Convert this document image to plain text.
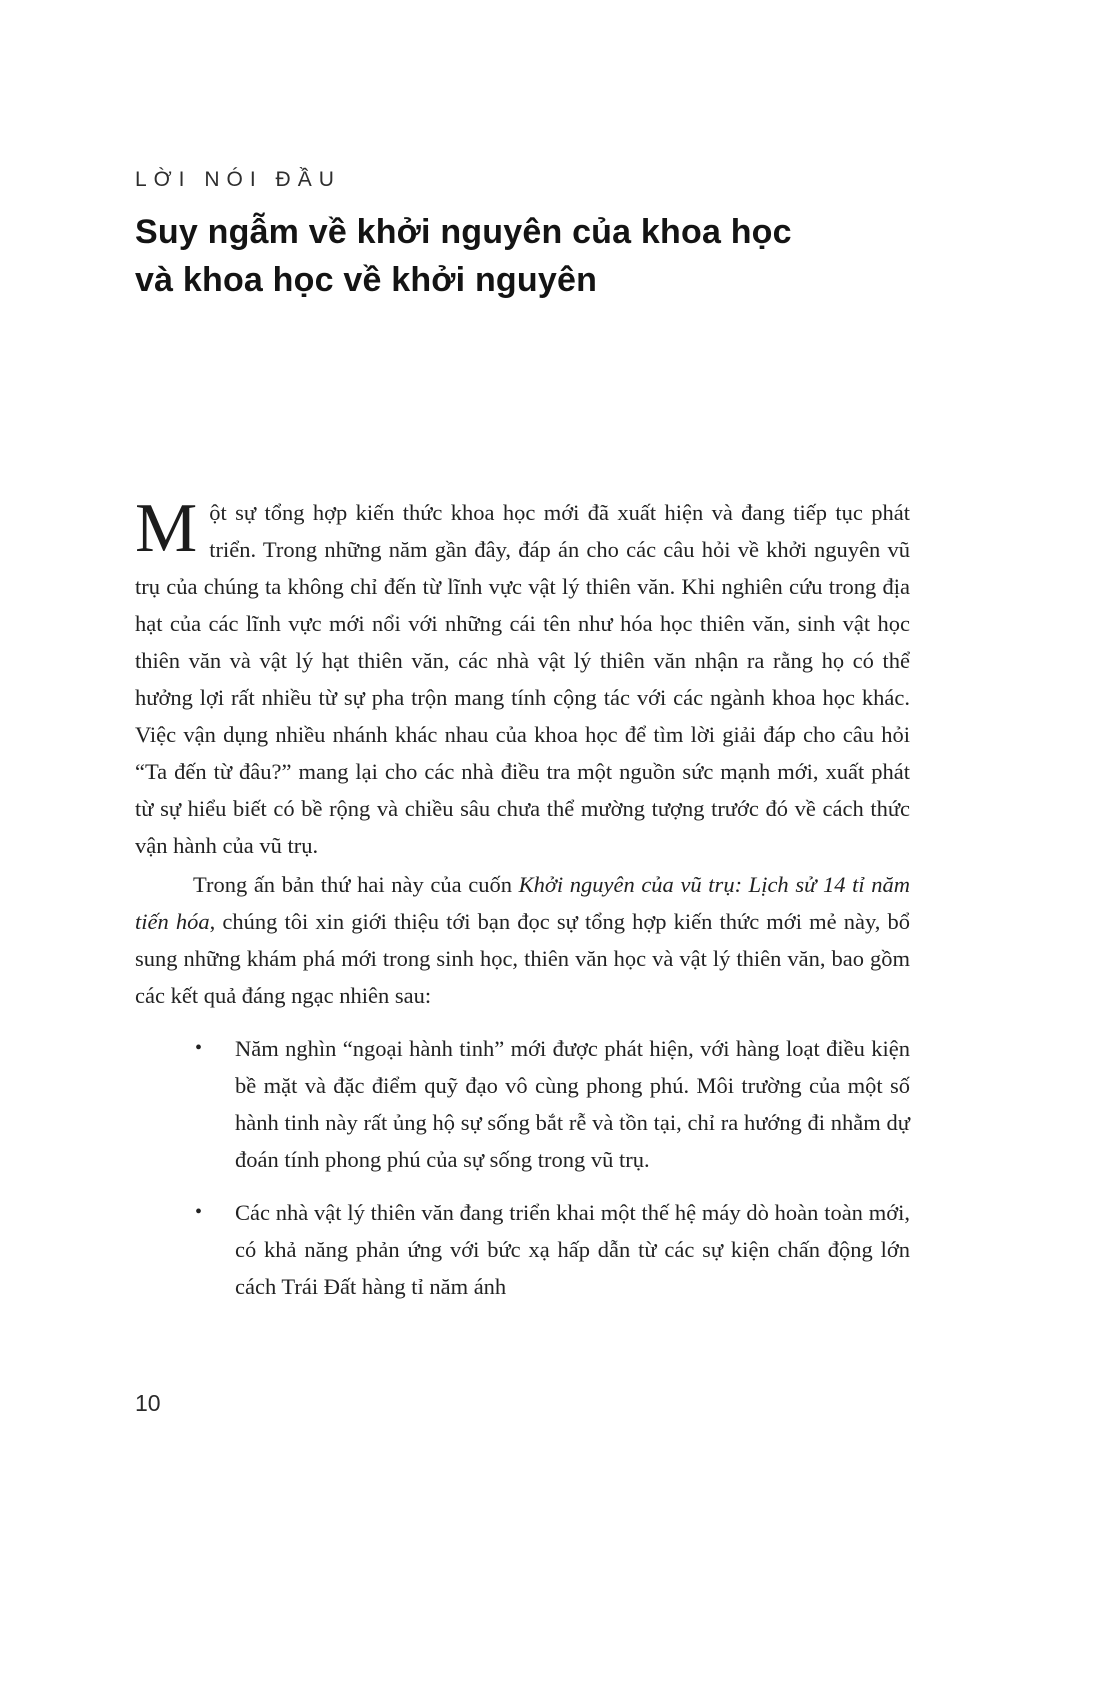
LỜI NÓI ĐẦU
Suy ngẫm về khởi nguyên của khoa học
và khoa học về khởi nguyên

Một sự tổng hợp kiến thức khoa học mới đã xuất hiện và đang tiếp tục phát triển. Trong những năm gần đây, đáp án cho các câu hỏi về khởi nguyên vũ trụ của chúng ta không chỉ đến từ lĩnh vực vật lý thiên văn. Khi nghiên cứu trong địa hạt của các lĩnh vực mới nổi với những cái tên như hóa học thiên văn, sinh vật học thiên văn và vật lý hạt thiên văn, các nhà vật lý thiên văn nhận ra rằng họ có thể hưởng lợi rất nhiều từ sự pha trộn mang tính cộng tác với các ngành khoa học khác. Việc vận dụng nhiều nhánh khác nhau của khoa học để tìm lời giải đáp cho câu hỏi “Ta đến từ đâu?” mang lại cho các nhà điều tra một nguồn sức mạnh mới, xuất phát từ sự hiểu biết có bề rộng và chiều sâu chưa thể mường tượng trước đó về cách thức vận hành của vũ trụ.

Trong ấn bản thứ hai này của cuốn Khởi nguyên của vũ trụ: Lịch sử 14 tỉ năm tiến hóa, chúng tôi xin giới thiệu tới bạn đọc sự tổng hợp kiến thức mới mẻ này, bổ sung những khám phá mới trong sinh học, thiên văn học và vật lý thiên văn, bao gồm các kết quả đáng ngạc nhiên sau:

• Năm nghìn “ngoại hành tinh” mới được phát hiện, với hàng loạt điều kiện bề mặt và đặc điểm quỹ đạo vô cùng phong phú. Môi trường của một số hành tinh này rất ủng hộ sự sống bắt rễ và tồn tại, chỉ ra hướng đi nhằm dự đoán tính phong phú của sự sống trong vũ trụ.
• Các nhà vật lý thiên văn đang triển khai một thế hệ máy dò hoàn toàn mới, có khả năng phản ứng với bức xạ hấp dẫn từ các sự kiện chấn động lớn cách Trái Đất hàng tỉ năm ánh
10
